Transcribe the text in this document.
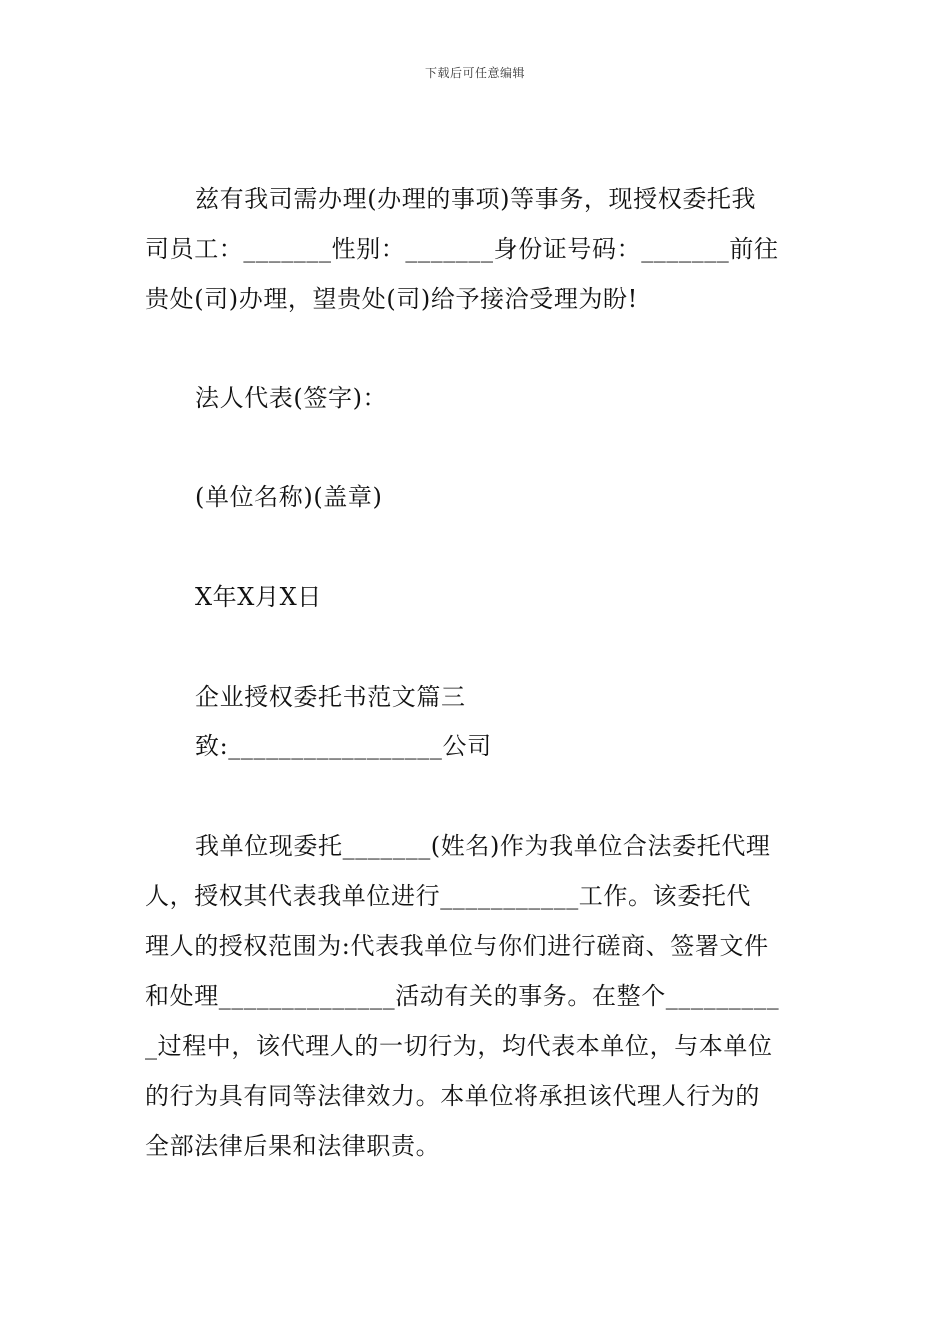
下载后可任意编辑
兹有我司需办理(办理的事项)等事务，现授权委托我
司员工：_______性别：_______身份证号码：_______前往
贵处(司)办理，望贵处(司)给予接洽受理为盼!
法人代表(签字)：
(单位名称)(盖章)
X年X月X日
企业授权委托书范文篇三
致:_________________公司
我单位现委托_______(姓名)作为我单位合法委托代理
人，授权其代表我单位进行___________工作。该委托代
理人的授权范围为:代表我单位与你们进行磋商、签署文件
和处理______________活动有关的事务。在整个_________
_过程中，该代理人的一切行为，均代表本单位，与本单位
的行为具有同等法律效力。本单位将承担该代理人行为的
全部法律后果和法律职责。
